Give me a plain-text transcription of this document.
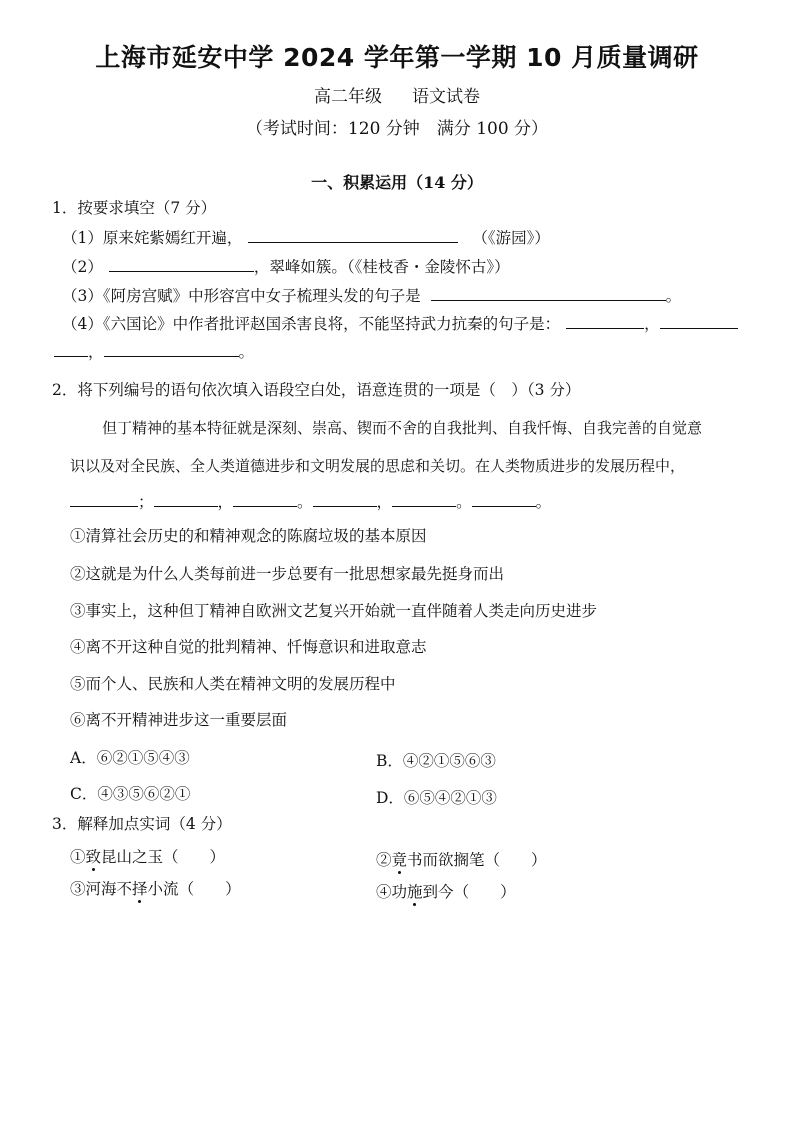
上海市延安中学 2024 学年第一学期 10 月质量调研
高二年级 语文试卷
（考试时间：120 分钟　满分 100 分）
一、积累运用（14 分）
1．按要求填空（7 分）
（1）原来姹紫嫣红开遍，	（《游园》）
（2）	，翠峰如簇。（《桂枝香・金陵怀古》）
（3）《阿房宫赋》中形容宫中女子梳理头发的句子是	。
（4）《六国论》中作者批评赵国杀害良将，不能坚持武力抗秦的句子是：	，
，	。
2．将下列编号的语句依次填入语段空白处，语意连贯的一项是（　）（3 分）
但丁精神的基本特征就是深刻、崇高、锲而不舍的自我批判、自我忏悔、自我完善的自觉意
识以及对全民族、全人类道德进步和文明发展的思虑和关切。在人类物质进步的发展历程中，
；	，	。	，	。	。
①清算社会历史的和精神观念的陈腐垃圾的基本原因
②这就是为什么人类每前进一步总要有一批思想家最先挺身而出
③事实上，这种但丁精神自欧洲文艺复兴开始就一直伴随着人类走向历史进步
④离不开这种自觉的批判精神、忏悔意识和进取意志
⑤而个人、民族和人类在精神文明的发展历程中
⑥离不开精神进步这一重要层面
A．⑥②①⑤④③	B．④②①⑤⑥③
C．④③⑤⑥②①	D．⑥⑤④②①③
3．解释加点实词（4 分）
①致昆山之玉（　　）	②竟书而欲搁笔（　　）
③河海不择小流（　　）	④功施到今（　　）
